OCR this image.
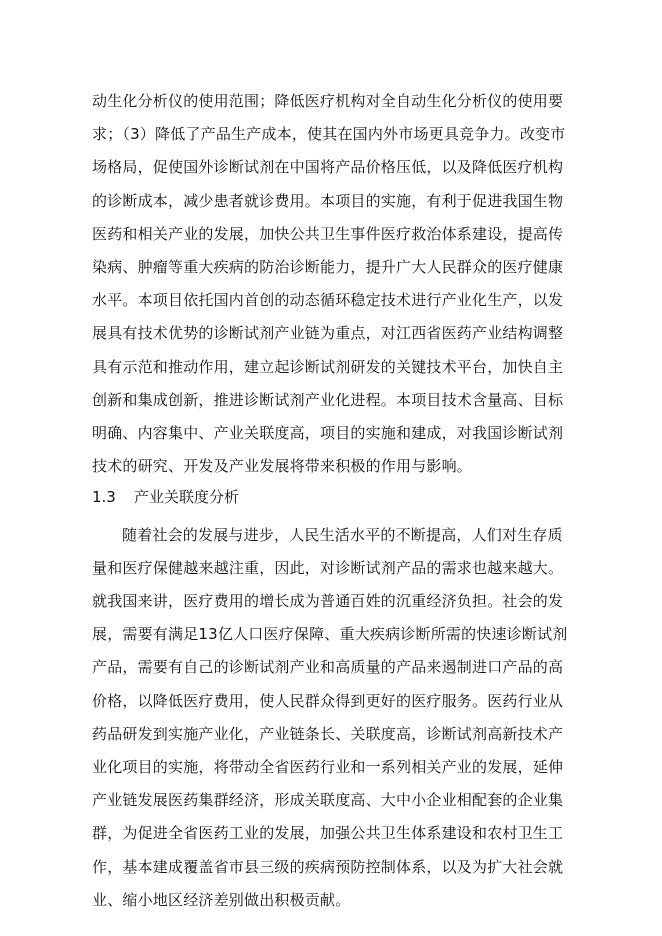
动生化分析仪的使用范围；降低医疗机构对全自动生化分析仪的使用要
求；（3）降低了产品生产成本，使其在国内外市场更具竞争力。改变市
场格局，促使国外诊断试剂在中国将产品价格压低，以及降低医疗机构
的诊断成本，减少患者就诊费用。本项目的实施，有利于促进我国生物
医药和相关产业的发展，加快公共卫生事件医疗救治体系建设，提高传
染病、肿瘤等重大疾病的防治诊断能力，提升广大人民群众的医疗健康
水平。本项目依托国内首创的动态循环稳定技术进行产业化生产，以发
展具有技术优势的诊断试剂产业链为重点，对江西省医药产业结构调整
具有示范和推动作用，建立起诊断试剂研发的关键技术平台，加快自主
创新和集成创新，推进诊断试剂产业化进程。本项目技术含量高、目标
明确、内容集中、产业关联度高，项目的实施和建成，对我国诊断试剂
技术的研究、开发及产业发展将带来积极的作用与影响。
1.3 产业关联度分析
随着社会的发展与进步，人民生活水平的不断提高，人们对生存质
量和医疗保健越来越注重，因此，对诊断试剂产品的需求也越来越大。
就我国来讲，医疗费用的增长成为普通百姓的沉重经济负担。社会的发
展，需要有满足13亿人口医疗保障、重大疾病诊断所需的快速诊断试剂
产品，需要有自己的诊断试剂产业和高质量的产品来遏制进口产品的高
价格，以降低医疗费用，使人民群众得到更好的医疗服务。医药行业从
药品研发到实施产业化，产业链条长、关联度高，诊断试剂高新技术产
业化项目的实施，将带动全省医药行业和一系列相关产业的发展，延伸
产业链发展医药集群经济，形成关联度高、大中小企业相配套的企业集
群，为促进全省医药工业的发展，加强公共卫生体系建设和农村卫生工
作，基本建成覆盖省市县三级的疾病预防控制体系，以及为扩大社会就
业、缩小地区经济差别做出积极贡献。
